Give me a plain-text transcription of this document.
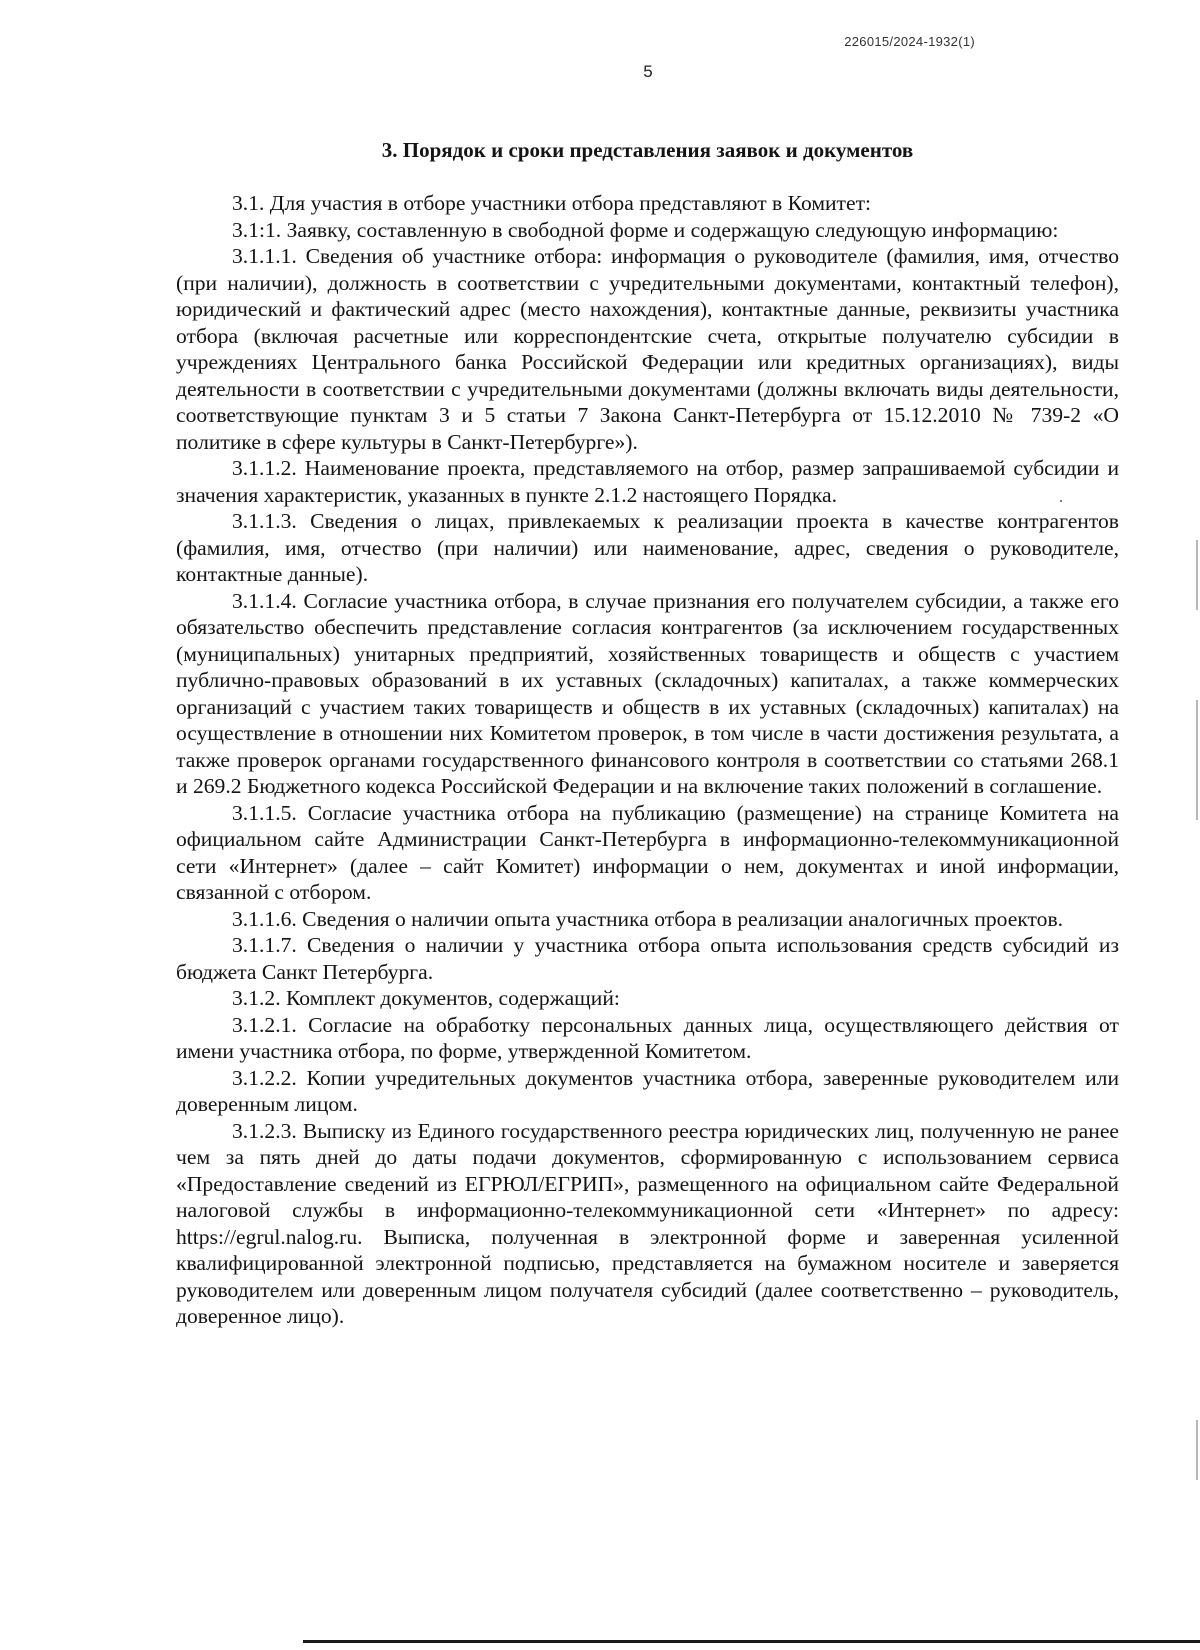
226015/2024-1932(1)
5
3. Порядок и сроки представления заявок и документов

3.1. Для участия в отборе участники отбора представляют в Комитет:

3.1:1. Заявку, составленную в свободной форме и содержащую следующую информацию:

3.1.1.1. Сведения об участнике отбора: информация о руководителе (фамилия, имя, отчество (при наличии), должность в соответствии с учредительными документами, контактный телефон), юридический и фактический адрес (место нахождения), контактные данные, реквизиты участника отбора (включая расчетные или корреспондентские счета, открытые получателю субсидии в учреждениях Центрального банка Российской Федерации или кредитных организациях), виды деятельности в соответствии с учредительными документами (должны включать виды деятельности, соответствующие пунктам 3 и 5 статьи 7 Закона Санкт-Петербурга от 15.12.2010 № 739-2 «О политике в сфере культуры в Санкт-Петербурге»).

3.1.1.2. Наименование проекта, представляемого на отбор, размер запрашиваемой субсидии и значения характеристик, указанных в пункте 2.1.2 настоящего Порядка.

3.1.1.3. Сведения о лицах, привлекаемых к реализации проекта в качестве контрагентов (фамилия, имя, отчество (при наличии) или наименование, адрес, сведения о руководителе, контактные данные).

3.1.1.4. Согласие участника отбора, в случае признания его получателем субсидии, а также его обязательство обеспечить представление согласия контрагентов (за исключением государственных (муниципальных) унитарных предприятий, хозяйственных товариществ и обществ с участием публично-правовых образований в их уставных (складочных) капиталах, а также коммерческих организаций с участием таких товариществ и обществ в их уставных (складочных) капиталах) на осуществление в отношении них Комитетом проверок, в том числе в части достижения результата, а также проверок органами государственного финансового контроля в соответствии со статьями 268.1 и 269.2 Бюджетного кодекса Российской Федерации и на включение таких положений в соглашение.

3.1.1.5. Согласие участника отбора на публикацию (размещение) на странице Комитета на официальном сайте Администрации Санкт-Петербурга в информационно-телекоммуникационной сети «Интернет» (далее – сайт Комитет) информации о нем, документах и иной информации, связанной с отбором.

3.1.1.6. Сведения о наличии опыта участника отбора в реализации аналогичных проектов.

3.1.1.7. Сведения о наличии у участника отбора опыта использования средств субсидий из бюджета Санкт Петербурга.

3.1.2. Комплект документов, содержащий:

3.1.2.1. Согласие на обработку персональных данных лица, осуществляющего действия от имени участника отбора, по форме, утвержденной Комитетом.

3.1.2.2. Копии учредительных документов участника отбора, заверенные руководителем или доверенным лицом.

3.1.2.3. Выписку из Единого государственного реестра юридических лиц, полученную не ранее чем за пять дней до даты подачи документов, сформированную с использованием сервиса «Предоставление сведений из ЕГРЮЛ/ЕГРИП», размещенного на официальном сайте Федеральной налоговой службы в информационно-телекоммуникационной сети «Интернет» по адресу: https://egrul.nalog.ru. Выписка, полученная в электронной форме и заверенная усиленной квалифицированной электронной подписью, представляется на бумажном носителе и заверяется руководителем или доверенным лицом получателя субсидий (далее соответственно – руководитель, доверенное лицо).
